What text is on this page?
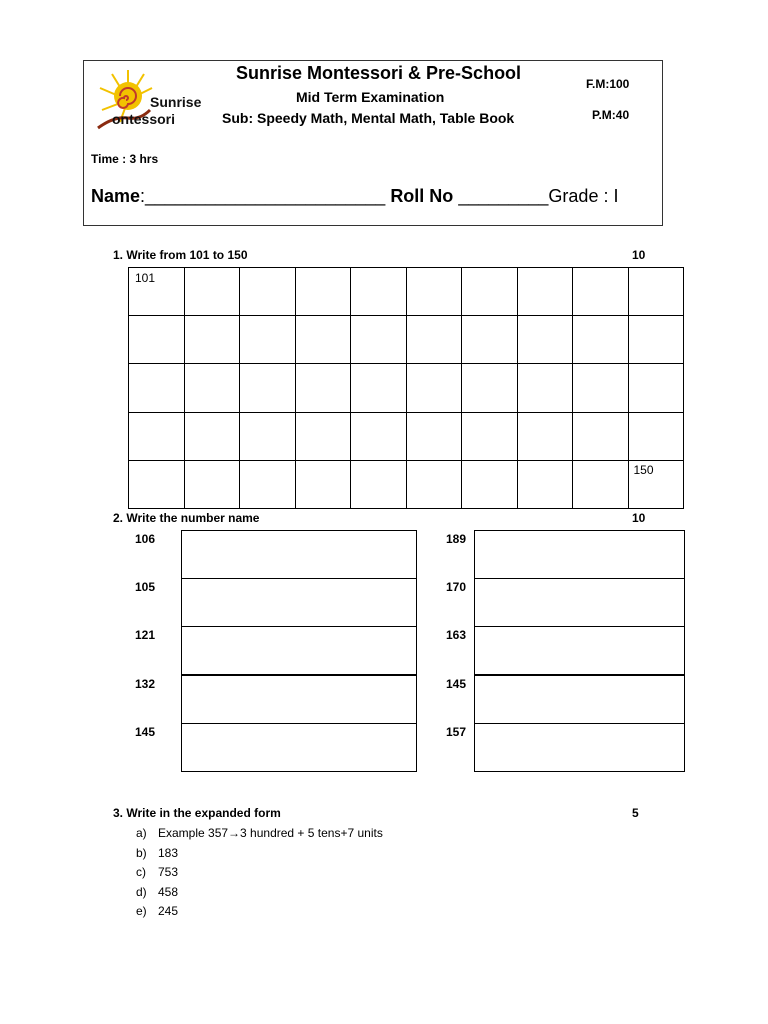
Sunrise
ontessori
Sunrise Montessori & Pre-School
Mid Term Examination
Sub: Speedy Math, Mental Math, Table Book
F.M:100
P.M:40
Time : 3 hrs
Name:________________________ Roll No _________Grade : I
1. Write from 101 to 150	10
101
150
2. Write the number name	10
106	189
105	170
121	163
132	145
145	157
3. Write in the expanded form	5
a) Example 357→3 hundred + 5 tens+7 units
b) 183
c) 753
d) 458
e) 245
